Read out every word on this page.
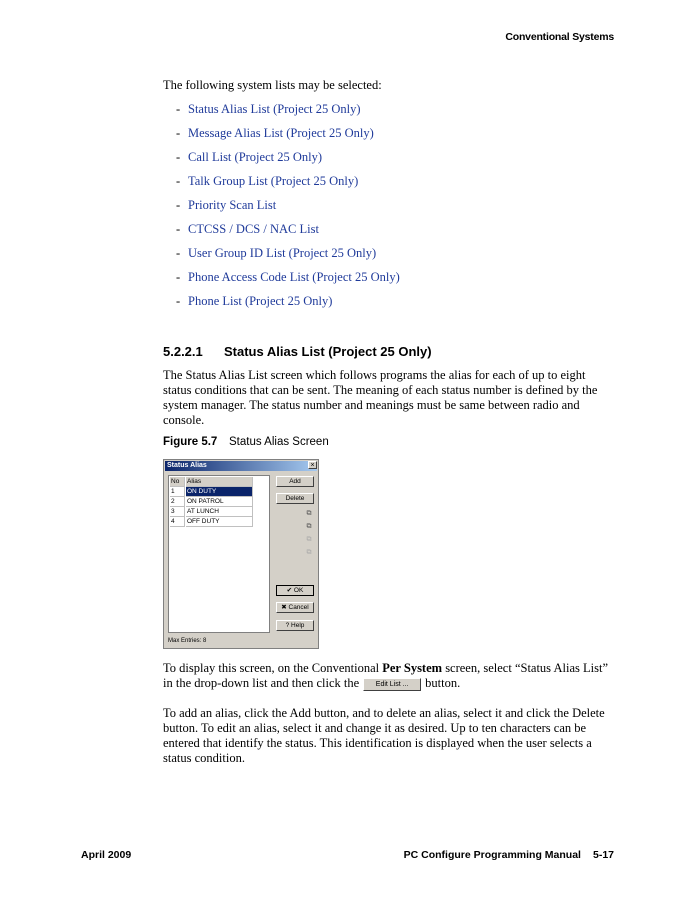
Conventional Systems
The following system lists may be selected:
- Status Alias List (Project 25 Only)
- Message Alias List (Project 25 Only)
- Call List (Project 25 Only)
- Talk Group List (Project 25 Only)
- Priority Scan List
- CTCSS / DCS / NAC List
- User Group ID List (Project 25 Only)
- Phone Access Code List (Project 25 Only)
- Phone List (Project 25 Only)
5.2.2.1 Status Alias List (Project 25 Only)

The Status Alias List screen which follows programs the alias for each of up to eight status conditions that can be sent. The meaning of each status number is defined by the system manager. The status number and meanings must be same between radio and console.

Figure 5.7 Status Alias Screen
Status Alias	×
No	Alias
1	ON DUTY
2	ON PATROL
3	AT LUNCH
4	OFF DUTY
Add
Delete
⧉
⧉
⧉
⧉
✔ OK
✖ Cancel
? Help
Max Entries: 8

To display this screen, on the Conventional Per System screen, select “Status Alias List” in the drop-down list and then click the Edit List ... button.

To add an alias, click the Add button, and to delete an alias, select it and click the Delete button. To edit an alias, select it and change it as desired. Up to ten characters can be entered that identify the status. This identification is displayed when the user selects a status condition.

April 2009	PC Configure Programming Manual 5-17
